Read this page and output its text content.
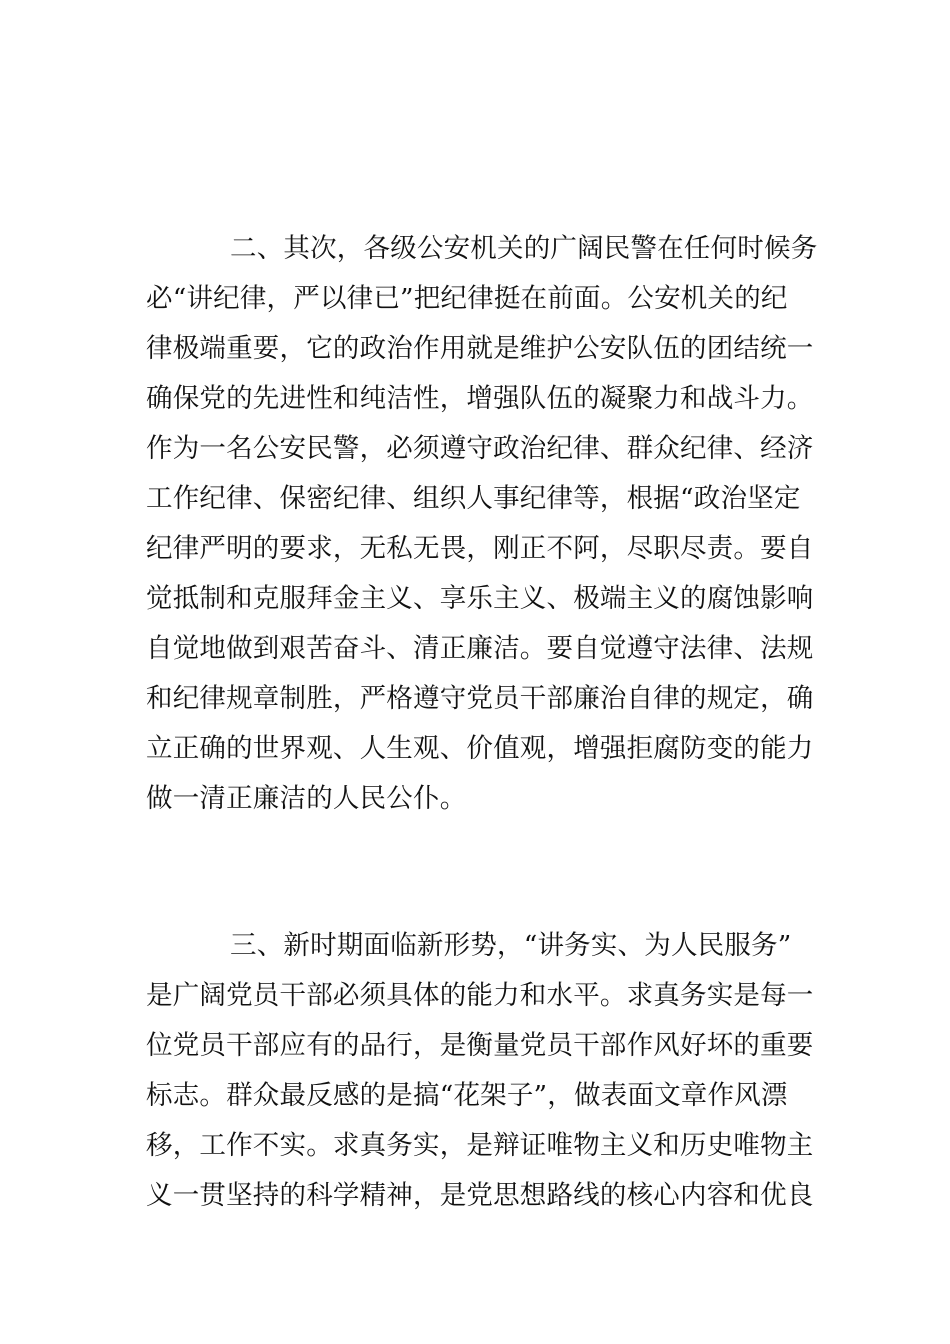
二、其次，各级公安机关的广阔民警在任何时候务
必“讲纪律，严以律已”把纪律挺在前面。公安机关的纪
律极端重要，它的政治作用就是维护公安队伍的团结统一
确保党的先进性和纯洁性，增强队伍的凝聚力和战斗力。
作为一名公安民警，必须遵守政治纪律、群众纪律、经济
工作纪律、保密纪律、组织人事纪律等，根据“政治坚定
纪律严明的要求，无私无畏，刚正不阿，尽职尽责。要自
觉抵制和克服拜金主义、享乐主义、极端主义的腐蚀影响
自觉地做到艰苦奋斗、清正廉洁。要自觉遵守法律、法规
和纪律规章制胜，严格遵守党员干部廉治自律的规定，确
立正确的世界观、人生观、价值观，增强拒腐防变的能力
做一清正廉洁的人民公仆。
三、新时期面临新形势，“讲务实、为人民服务”
是广阔党员干部必须具体的能力和水平。求真务实是每一
位党员干部应有的品行，是衡量党员干部作风好坏的重要
标志。群众最反感的是搞“花架子”，做表面文章作风漂
移，工作不实。求真务实，是辩证唯物主义和历史唯物主
义一贯坚持的科学精神，是党思想路线的核心内容和优良
